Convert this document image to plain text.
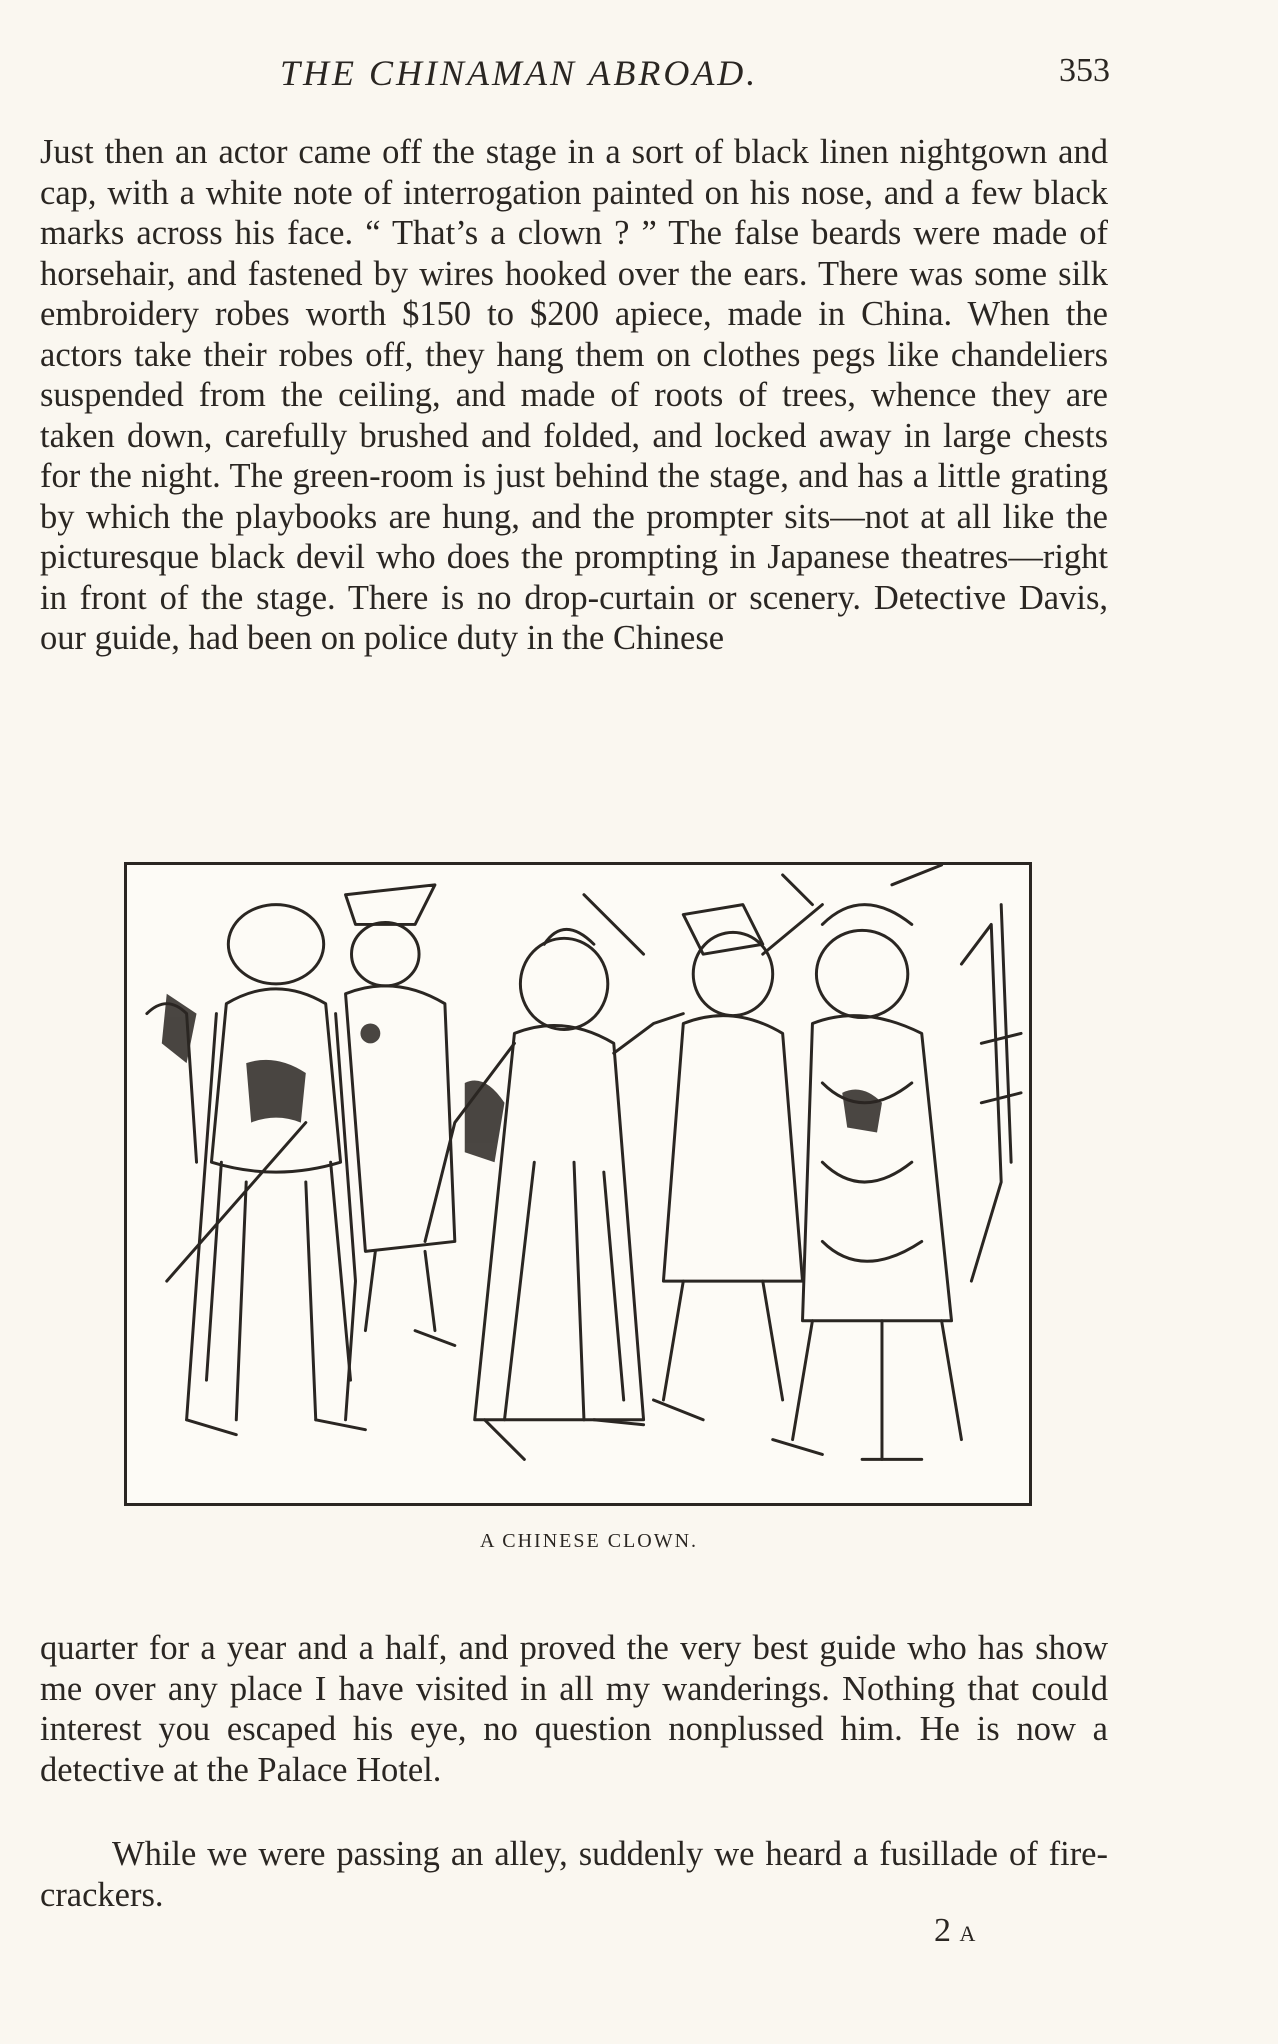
THE CHINAMAN ABROAD.	353

Just then an actor came off the stage in a sort of black linen nightgown and cap, with a white note of interrogation painted on his nose, and a few black marks across his face. “ That’s a clown ? ” The false beards were made of horsehair, and fastened by wires hooked over the ears. There was some silk embroidery robes worth $150 to $200 apiece, made in China. When the actors take their robes off, they hang them on clothes pegs like chandeliers suspended from the ceiling, and made of roots of trees, whence they are taken down, carefully brushed and folded, and locked away in large chests for the night. The green-room is just behind the stage, and has a little grating by which the playbooks are hung, and the prompter sits—not at all like the picturesque black devil who does the prompting in Japanese theatres—right in front of the stage. There is no drop-curtain or scenery. Detective Davis, our guide, had been on police duty in the Chinese

A CHINESE CLOWN.

quarter for a year and a half, and proved the very best guide who has show me over any place I have visited in all my wanderings. Nothing that could interest you escaped his eye, no question nonplussed him. He is now a detective at the Palace Hotel.

While we were passing an alley, suddenly we heard a fusillade of fire-crackers.

2 A
